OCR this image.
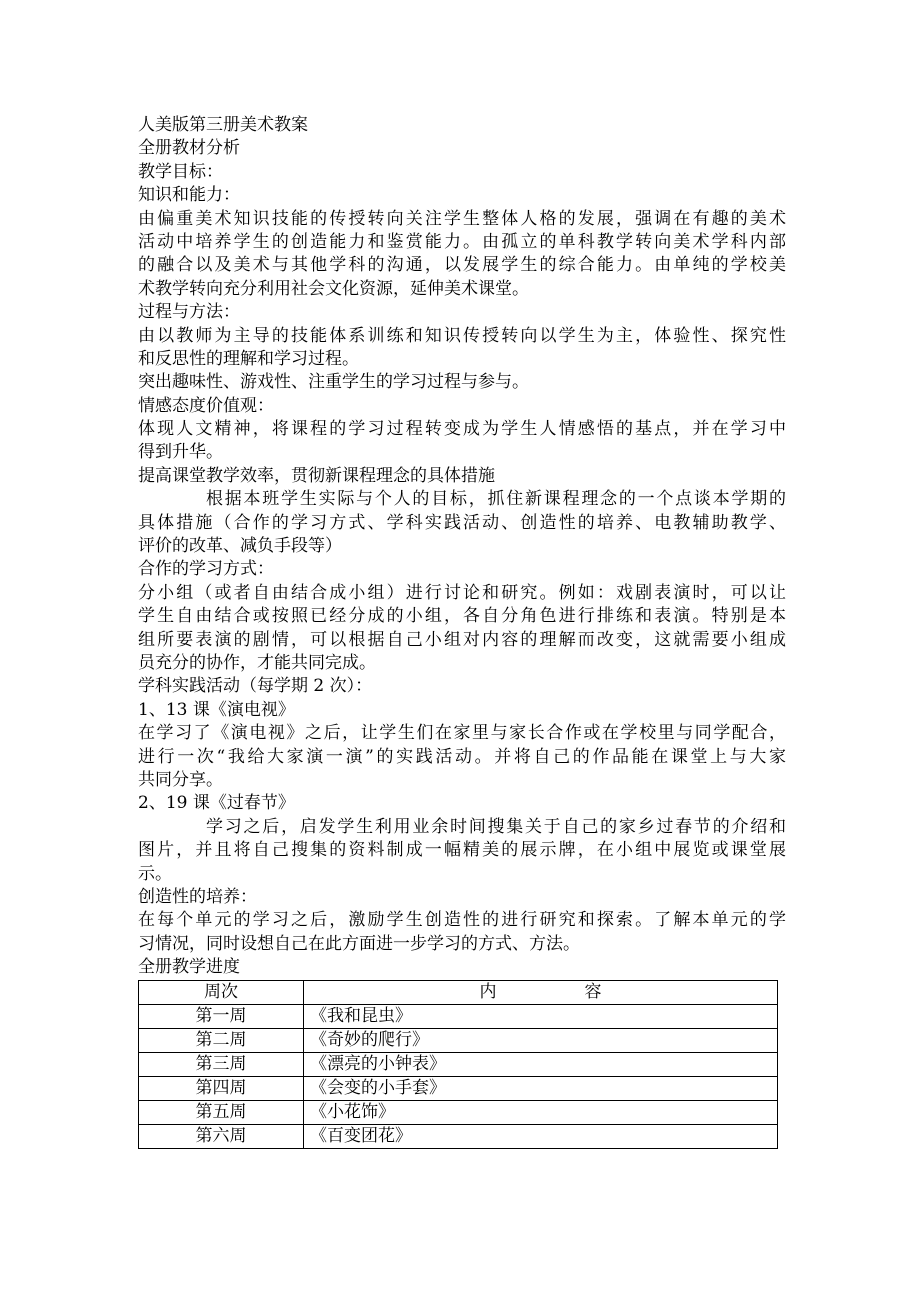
人美版第三册美术教案
全册教材分析
教学目标：
知识和能力：
由偏重美术知识技能的传授转向关注学生整体人格的发展，强调在有趣的美术
活动中培养学生的创造能力和鉴赏能力。由孤立的单科教学转向美术学科内部
的融合以及美术与其他学科的沟通，以发展学生的综合能力。由单纯的学校美
术教学转向充分利用社会文化资源，延伸美术课堂。
过程与方法：
由以教师为主导的技能体系训练和知识传授转向以学生为主，体验性、探究性
和反思性的理解和学习过程。
突出趣味性、游戏性、注重学生的学习过程与参与。
情感态度价值观：
体现人文精神，将课程的学习过程转变成为学生人情感悟的基点，并在学习中
得到升华。
提高课堂教学效率，贯彻新课程理念的具体措施
根据本班学生实际与个人的目标，抓住新课程理念的一个点谈本学期的
具体措施（合作的学习方式、学科实践活动、创造性的培养、电教辅助教学、
评价的改革、减负手段等）
合作的学习方式：
分小组（或者自由结合成小组）进行讨论和研究。例如：戏剧表演时，可以让
学生自由结合或按照已经分成的小组，各自分角色进行排练和表演。特别是本
组所要表演的剧情，可以根据自己小组对内容的理解而改变，这就需要小组成
员充分的协作，才能共同完成。
学科实践活动（每学期 2 次）：
1、13 课《演电视》
在学习了《演电视》之后，让学生们在家里与家长合作或在学校里与同学配合，
进行一次“我给大家演一演”的实践活动。并将自己的作品能在课堂上与大家
共同分享。
2、19 课《过春节》
学习之后，启发学生利用业余时间搜集关于自己的家乡过春节的介绍和
图片，并且将自己搜集的资料制成一幅精美的展示牌，在小组中展览或课堂展
示。
创造性的培养：
在每个单元的学习之后，激励学生创造性的进行研究和探索。了解本单元的学
习情况，同时设想自己在此方面进一步学习的方式、方法。
全册教学进度
周次	内 容
第一周	《我和昆虫》
第二周	《奇妙的爬行》
第三周	《漂亮的小钟表》
第四周	《会变的小手套》
第五周	《小花饰》
第六周	《百变团花》
